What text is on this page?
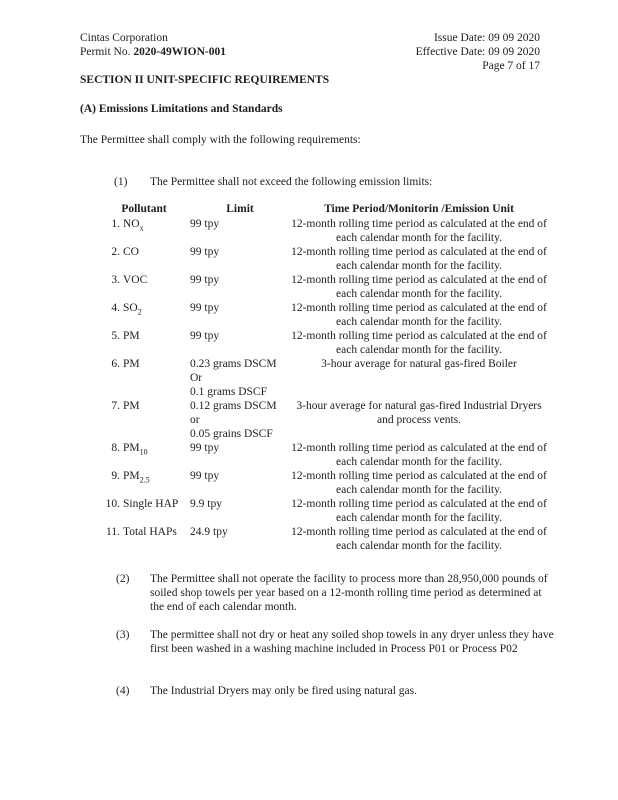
Cintas Corporation
Permit No. 2020-49WION-001
Issue Date: 09 09 2020
Effective Date: 09 09 2020
Page 7 of 17
SECTION II UNIT-SPECIFIC REQUIREMENTS
(A) Emissions Limitations and Standards
The Permittee shall comply with the following requirements:
(1) The Permittee shall not exceed the following emission limits:
Pollutant	Limit	Time Period/Monitorin /Emission Unit
1. $NO_x$	99 tpy	12-month rolling time period as calculated at the end of each calendar month for the facility.
2. CO	99 tpy	12-month rolling time period as calculated at the end of each calendar month for the facility.
3. VOC	99 tpy	12-month rolling time period as calculated at the end of each calendar month for the facility.
4. $SO_2$	99 tpy	12-month rolling time period as calculated at the end of each calendar month for the facility.
5. PM	99 tpy	12-month rolling time period as calculated at the end of each calendar month for the facility.
6. PM	0.23 grams DSCM
Or
0.1 grams DSCF	3-hour average for natural gas-fired Boiler
7. PM	0.12 grams DSCM
or
0.05 grains DSCF	3-hour average for natural gas-fired Industrial Dryers and process vents.
8. $PM_{10}$	99 tpy	12-month rolling time period as calculated at the end of each calendar month for the facility.
9. $PM_{2.5}$	99 tpy	12-month rolling time period as calculated at the end of each calendar month for the facility.
10. Single HAP	9.9 tpy	12-month rolling time period as calculated at the end of each calendar month for the facility.
11. Total HAPs	24.9 tpy	12-month rolling time period as calculated at the end of each calendar month for the facility.
(2) The Permittee shall not operate the facility to process more than 28,950,000 pounds of soiled shop towels per year based on a 12-month rolling time period as determined at the end of each calendar month.
(3) The permittee shall not dry or heat any soiled shop towels in any dryer unless they have first been washed in a washing machine included in Process P01 or Process P02
(4) The Industrial Dryers may only be fired using natural gas.
